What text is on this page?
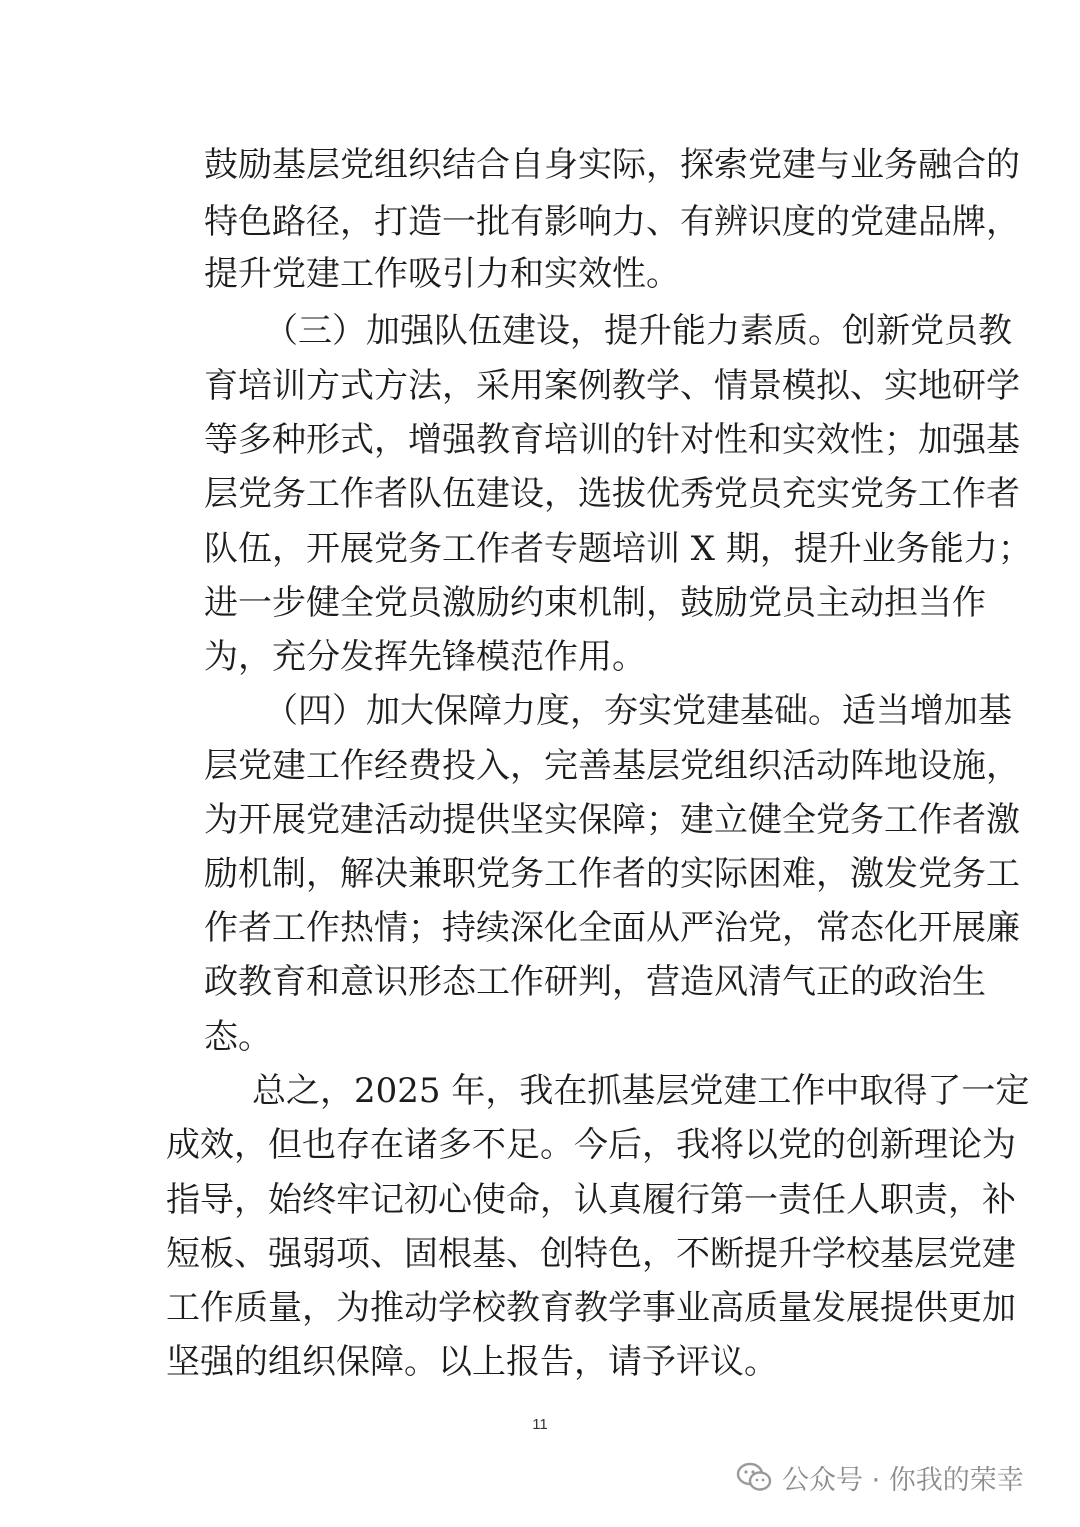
鼓励基层党组织结合自身实际，探索党建与业务融合的
特色路径，打造一批有影响力、有辨识度的党建品牌，
提升党建工作吸引力和实效性。
（三）加强队伍建设，提升能力素质。创新党员教
育培训方式方法，采用案例教学、情景模拟、实地研学
等多种形式，增强教育培训的针对性和实效性；加强基
层党务工作者队伍建设，选拔优秀党员充实党务工作者
队伍，开展党务工作者专题培训 X 期，提升业务能力；
进一步健全党员激励约束机制，鼓励党员主动担当作
为，充分发挥先锋模范作用。
（四）加大保障力度，夯实党建基础。适当增加基
层党建工作经费投入，完善基层党组织活动阵地设施，
为开展党建活动提供坚实保障；建立健全党务工作者激
励机制，解决兼职党务工作者的实际困难，激发党务工
作者工作热情；持续深化全面从严治党，常态化开展廉
政教育和意识形态工作研判，营造风清气正的政治生
态。
总之，2025 年，我在抓基层党建工作中取得了一定
成效，但也存在诸多不足。今后，我将以党的创新理论为
指导，始终牢记初心使命，认真履行第一责任人职责，补
短板、强弱项、固根基、创特色，不断提升学校基层党建
工作质量，为推动学校教育教学事业高质量发展提供更加
坚强的组织保障。以上报告，请予评议。
11
公众号 · 你我的荣幸
